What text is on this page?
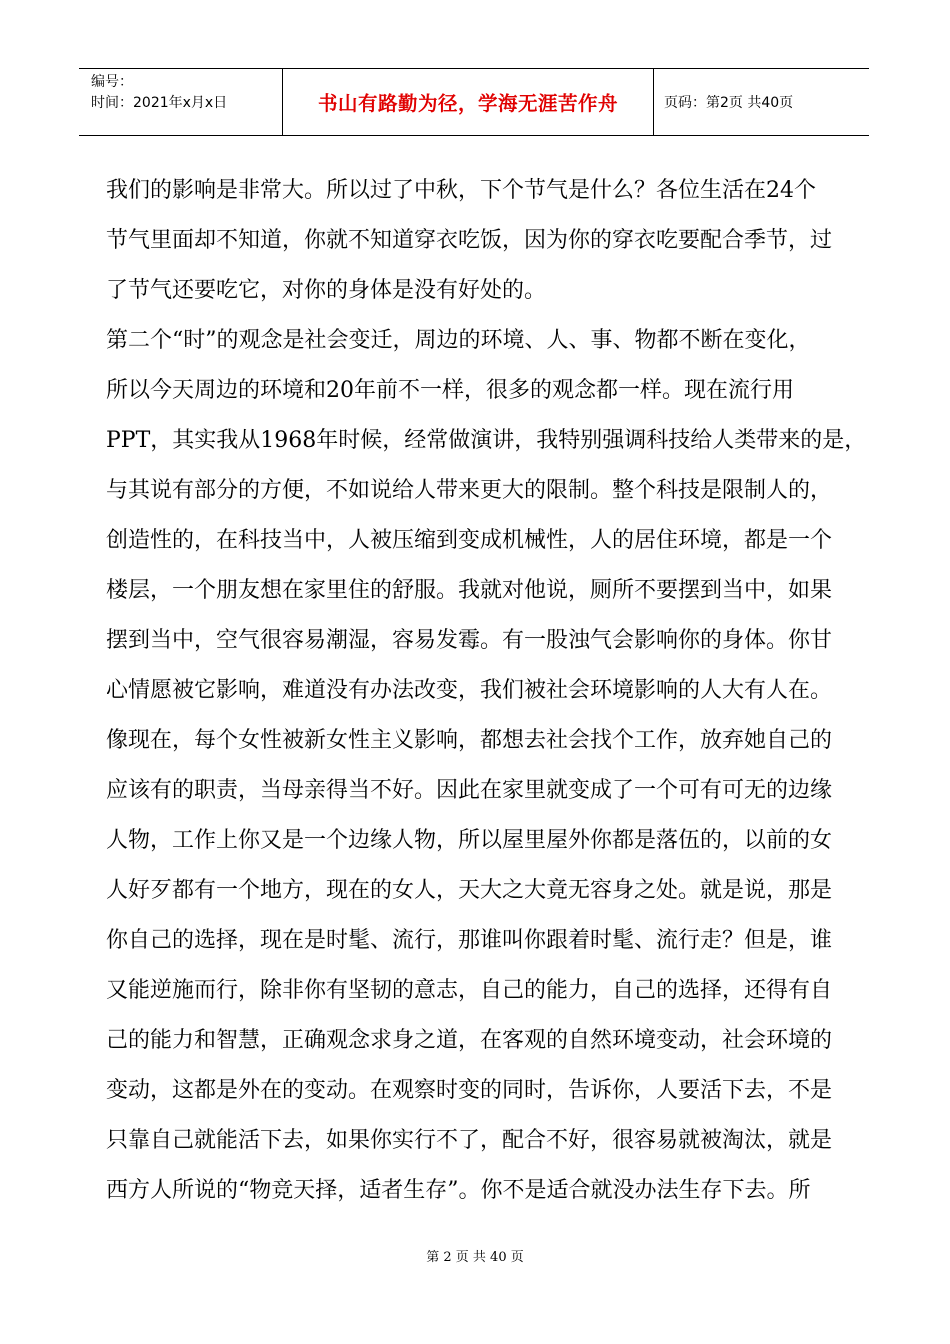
编号：
时间：2021年x月x日	书山有路勤为径，学海无涯苦作舟	页码：第2页 共40页
我们的影响是非常大。所以过了中秋，下个节气是什么？各位生活在24个
节气里面却不知道，你就不知道穿衣吃饭，因为你的穿衣吃要配合季节，过
了节气还要吃它，对你的身体是没有好处的。
第二个“时”的观念是社会变迁，周边的环境、人、事、物都不断在变化，
所以今天周边的环境和20年前不一样，很多的观念都一样。现在流行用
PPT，其实我从1968年时候，经常做演讲，我特别强调科技给人类带来的是，
与其说有部分的方便，不如说给人带来更大的限制。整个科技是限制人的，
创造性的，在科技当中，人被压缩到变成机械性，人的居住环境，都是一个
楼层，一个朋友想在家里住的舒服。我就对他说，厕所不要摆到当中，如果
摆到当中，空气很容易潮湿，容易发霉。有一股浊气会影响你的身体。你甘
心情愿被它影响，难道没有办法改变，我们被社会环境影响的人大有人在。
像现在，每个女性被新女性主义影响，都想去社会找个工作，放弃她自己的
应该有的职责，当母亲得当不好。因此在家里就变成了一个可有可无的边缘
人物，工作上你又是一个边缘人物，所以屋里屋外你都是落伍的，以前的女
人好歹都有一个地方，现在的女人，天大之大竟无容身之处。就是说，那是
你自己的选择，现在是时髦、流行，那谁叫你跟着时髦、流行走？但是，谁
又能逆施而行，除非你有坚韧的意志，自己的能力，自己的选择，还得有自
己的能力和智慧，正确观念求身之道，在客观的自然环境变动，社会环境的
变动，这都是外在的变动。在观察时变的同时，告诉你，人要活下去，不是
只靠自己就能活下去，如果你实行不了，配合不好，很容易就被淘汰，就是
西方人所说的“物竞天择，适者生存”。你不是适合就没办法生存下去。所
第 2 页 共 40 页
